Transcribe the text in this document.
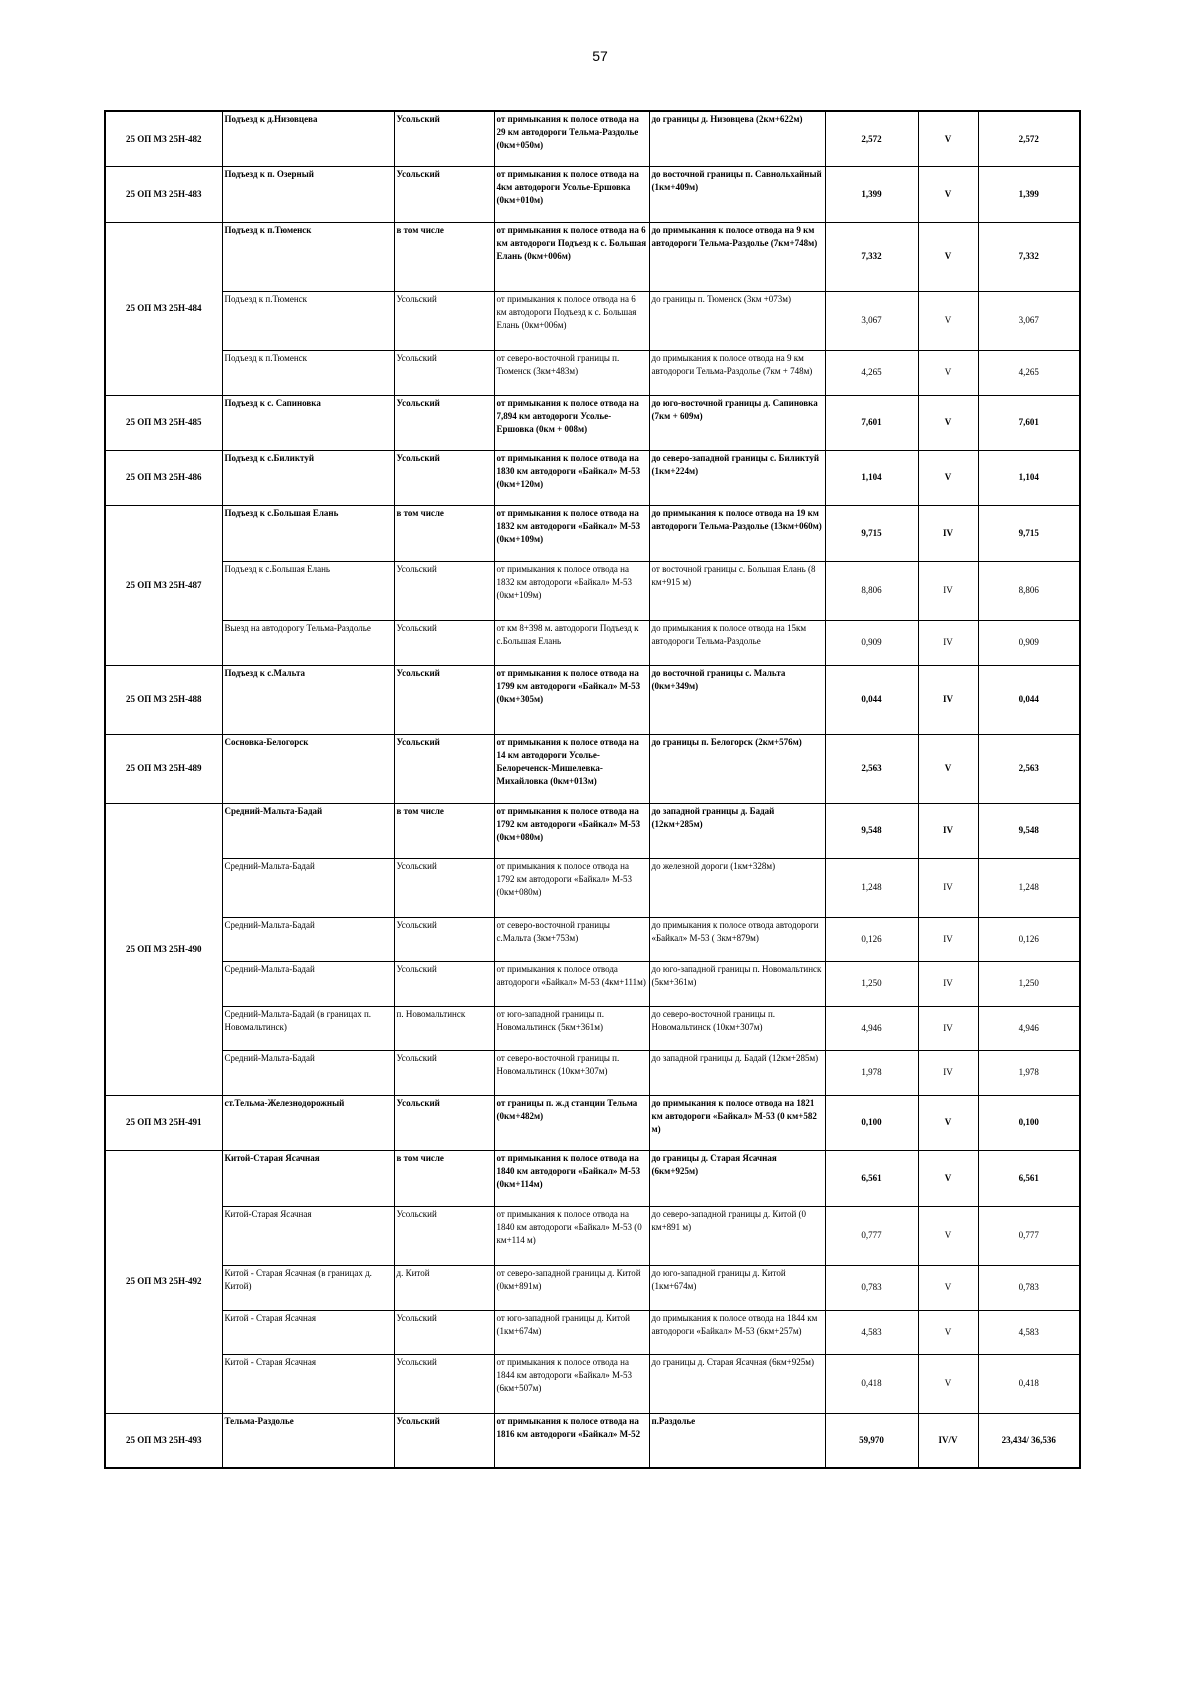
57
25 ОП МЗ 25Н-482	Подъезд к д.Низовцева	Усольский	от примыкания к полосе отвода на 29 км автодороги Тельма-Раздолье (0км+050м)	до границы д. Низовцева (2км+622м)	2,572	V	2,572
25 ОП МЗ 25Н-483	Подъезд к п. Озерный	Усольский	от примыкания к полосе отвода на 4км автодороги Усолье-Ершовка (0км+010м)	до восточной границы п. Савнольхайный (1км+409м)	1,399	V	1,399
25 ОП МЗ 25Н-484	Подъезд к п.Тюменск	в том числе	от примыкания к полосе отвода на 6 км автодороги Подъезд к с. Большая Елань (0км+006м)	до примыкания к полосе отвода на 9 км автодороги Тельма-Раздолье (7км+748м)	7,332	V	7,332
	Подъезд к п.Тюменск	Усольский	от примыкания к полосе отвода на 6 км автодороги Подъезд к с. Большая Елань (0км+006м)	до границы п. Тюменск (3км +073м)	3,067	V	3,067
	Подъезд к п.Тюменск	Усольский	от северо-восточной границы п. Тюменск (3км+483м)	до примыкания к полосе отвода на 9 км автодороги Тельма-Раздолье (7км + 748м)	4,265	V	4,265
25 ОП МЗ 25Н-485	Подъезд к с. Сапиновка	Усольский	от примыкания к полосе отвода на 7,894 км автодороги Усолье-Ершовка (0км + 008м)	до юго-восточной границы д. Сапиновка (7км + 609м)	7,601	V	7,601
25 ОП МЗ 25Н-486	Подъезд к с.Биликтуй	Усольский	от примыкания к полосе отвода на 1830 км автодороги «Байкал» М-53 (0км+120м)	до северо-западной границы с. Биликтуй (1км+224м)	1,104	V	1,104
25 ОП МЗ 25Н-487	Подъезд к с.Большая Елань	в том числе	от примыкания к полосе отвода на 1832 км автодороги «Байкал» М-53 (0км+109м)	до примыкания к полосе отвода на 19 км автодороги Тельма-Раздолье (13км+060м)	9,715	IV	9,715
	Подъезд к с.Большая Елань	Усольский	от примыкания к полосе отвода на 1832 км автодороги «Байкал» М-53 (0км+109м)	от восточной границы с. Большая Елань (8 км+915 м)	8,806	IV	8,806
	Выезд на автодорогу Тельма-Раздолье	Усольский	от км 8+398 м. автодороги Подъезд к с.Большая Елань	до примыкания к полосе отвода на 15км автодороги Тельма-Раздолье	0,909	IV	0,909
25 ОП МЗ 25Н-488	Подъезд к с.Мальта	Усольский	от примыкания к полосе отвода на 1799 км автодороги «Байкал» М-53 (0км+305м)	до восточной границы с. Мальта (0км+349м)	0,044	IV	0,044
25 ОП МЗ 25Н-489	Сосновка-Белогорск	Усольский	от примыкания к полосе отвода на 14 км автодороги Усолье-Белореченск-Мишелевка-Михайловка (0км+013м)	до границы п. Белогорск (2км+576м)	2,563	V	2,563
25 ОП МЗ 25Н-490	Средний-Мальта-Бадай	в том числе	от примыкания к полосе отвода на 1792 км автодороги «Байкал» М-53 (0км+080м)	до западной границы д. Бадай (12км+285м)	9,548	IV	9,548
	Средний-Мальта-Бадай	Усольский	от примыкания к полосе отвода на 1792 км автодороги «Байкал» М-53 (0км+080м)	до железной дороги (1км+328м)	1,248	IV	1,248
	Средний-Мальта-Бадай	Усольский	от северо-восточной границы с.Мальта (3км+753м)	до примыкания к полосе отвода автодороги «Байкал» М-53 ( 3км+879м)	0,126	IV	0,126
	Средний-Мальта-Бадай	Усольский	от примыкания к полосе отвода автодороги «Байкал» М-53 (4км+111м)	до юго-западной границы п. Новомальтинск (5км+361м)	1,250	IV	1,250
	Средний-Мальта-Бадай (в границах п. Новомальтинск)	п. Новомальтинск	от юго-западной границы п. Новомальтинск (5км+361м)	до северо-восточной границы п. Новомальтинск (10км+307м)	4,946	IV	4,946
	Средний-Мальта-Бадай	Усольский	от северо-восточной границы п. Новомальтинск (10км+307м)	до западной границы д. Бадай (12км+285м)	1,978	IV	1,978
25 ОП МЗ 25Н-491	ст.Тельма-Железнодорожный	Усольский	от границы п. ж.д станции Тельма (0км+482м)	до примыкания к полосе отвода на 1821 км автодороги «Байкал» М-53 (0 км+582 м)	0,100	V	0,100
25 ОП МЗ 25Н-492	Китой-Старая Ясачная	в том числе	от примыкания к полосе отвода на 1840 км автодороги «Байкал» М-53 (0км+114м)	до границы д. Старая Ясачная (6км+925м)	6,561	V	6,561
	Китой-Старая Ясачная	Усольский	от примыкания к полосе отвода на 1840 км автодороги «Байкал» М-53 (0 км+114 м)	до северо-западной границы д. Китой (0 км+891 м)	0,777	V	0,777
	Китой - Старая Ясачная (в границах д. Китой)	д. Китой	от северо-западной границы д. Китой (0км+891м)	до юго-западной границы д. Китой (1км+674м)	0,783	V	0,783
	Китой - Старая Ясачная	Усольский	от юго-западной границы д. Китой (1км+674м)	до примыкания к полосе отвода на 1844 км автодороги «Байкал» М-53 (6км+257м)	4,583	V	4,583
	Китой - Старая Ясачная	Усольский	от примыкания к полосе отвода на 1844 км автодороги «Байкал» М-53 (6км+507м)	до границы д. Старая Ясачная (6км+925м)	0,418	V	0,418
25 ОП МЗ 25Н-493	Тельма-Раздолье	Усольский	от примыкания к полосе отвода на 1816 км автодороги «Байкал» М-52	п.Раздолье	59,970	IV/V	23,434/ 36,536
